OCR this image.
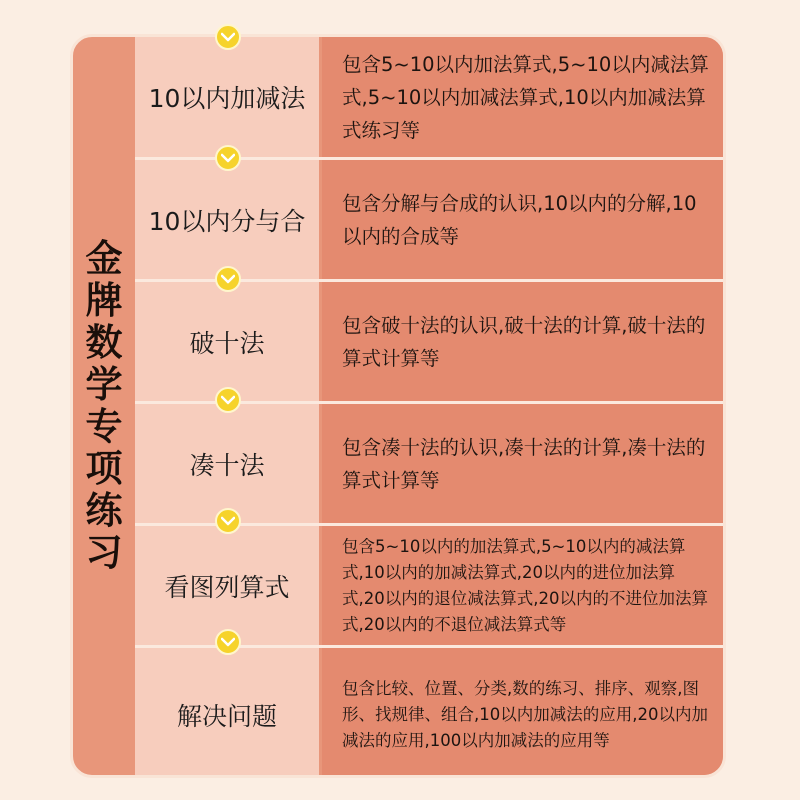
金
牌
数
学
专
项
练
习
10以内加减法
包含5~10以内加法算式,5~10以内减法算式,5~10以内加减法算式,10以内加减法算式练习等
10以内分与合
包含分解与合成的认识,10以内的分解,10以内的合成等
破十法
包含破十法的认识,破十法的计算,破十法的算式计算等
凑十法
包含凑十法的认识,凑十法的计算,凑十法的算式计算等
看图列算式
包含5~10以内的加法算式,5~10以内的减法算式,10以内的加减法算式,20以内的进位加法算式,20以内的退位减法算式,20以内的不进位加法算式,20以内的不退位减法算式等
解决问题
包含比较、位置、分类,数的练习、排序、观察,图形、找规律、组合,10以内加减法的应用,20以内加减法的应用,100以内加减法的应用等
